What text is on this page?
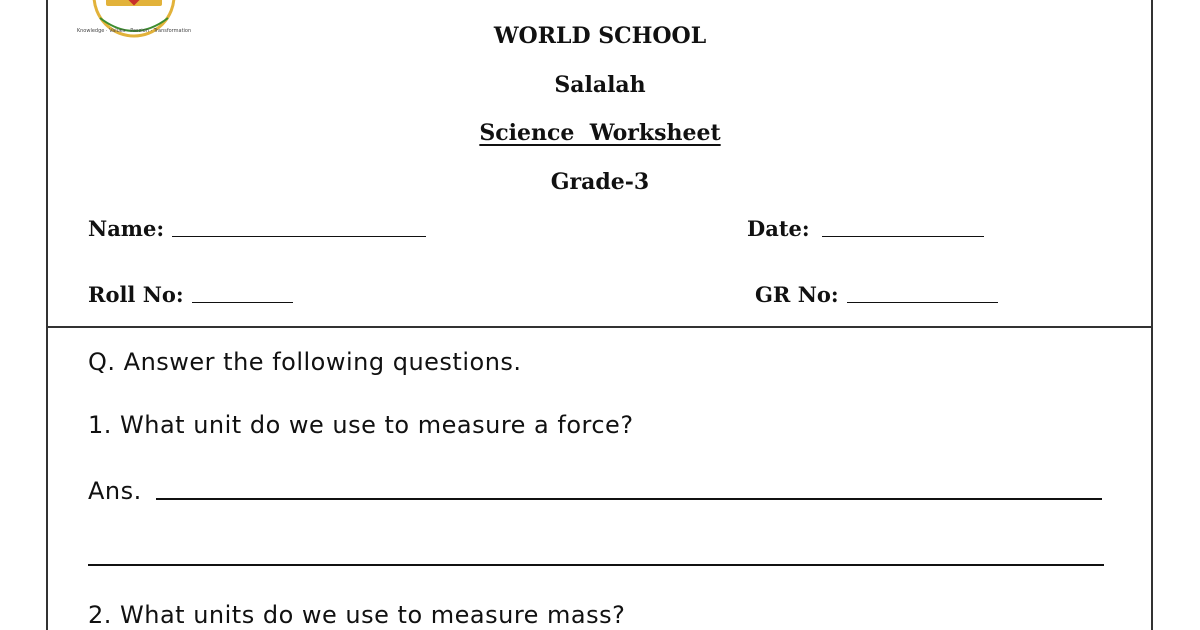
Knowledge · Values · Passion · Transformation	WORLD SCHOOL
Salalah
Science  Worksheet
Grade-3
Name:	Date:
Roll No:	GR No:
Q. Answer the following questions.
1. What unit do we use to measure a force?
Ans.
2. What units do we use to measure mass?
